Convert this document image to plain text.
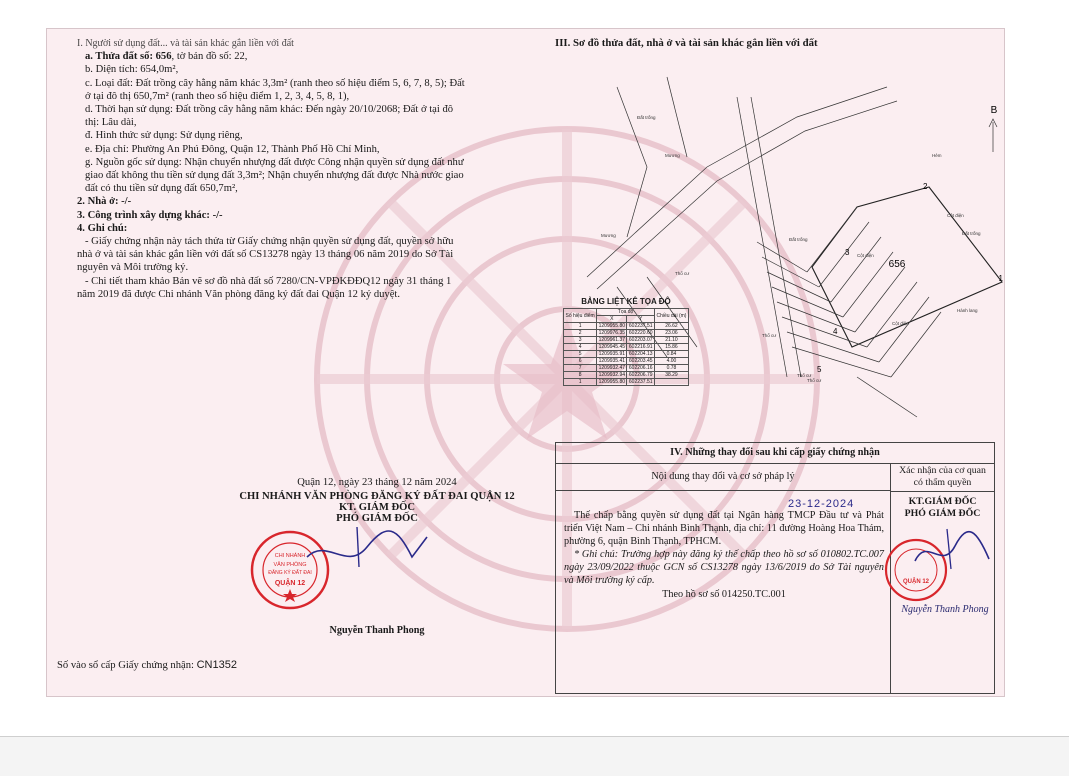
I. Người sử dụng đất... và tài sản khác gắn liền với đất

a. Thửa đất số: 656, tờ bản đồ số: 22,

b. Diện tích: 654,0m²,

c. Loại đất: Đất trồng cây hằng năm khác 3,3m² (ranh theo số hiệu điểm 5, 6, 7, 8, 5); Đất

ở tại đô thị 650,7m² (ranh theo số hiệu điểm 1, 2, 3, 4, 5, 8, 1),

d. Thời hạn sử dụng: Đất trồng cây hằng năm khác: Đến ngày 20/10/2068; Đất ở tại đô

thị: Lâu dài,

đ. Hình thức sử dụng: Sử dụng riêng,

e. Địa chỉ: Phường An Phú Đông, Quận 12, Thành Phố Hồ Chí Minh,

g. Nguồn gốc sử dụng: Nhận chuyển nhượng đất được Công nhận quyền sử dụng đất như

giao đất không thu tiền sử dụng đất 3,3m²; Nhận chuyển nhượng đất được Nhà nước giao

đất có thu tiền sử dụng đất 650,7m²,

2. Nhà ở: -/-

3. Công trình xây dựng khác: -/-

4. Ghi chú:

- Giấy chứng nhận này tách thửa từ Giấy chứng nhận quyền sử dụng đất, quyền sở hữu

nhà ở và tài sản khác gắn liền với đất số CS13278 ngày 13 tháng 06 năm 2019 do Sở Tài

nguyên và Môi trường ký.

- Chi tiết tham khảo Bản vẽ sơ đồ nhà đất số 7280/CN-VPĐKĐĐQ12 ngày 31 tháng 1

năm 2019 đã được Chi nhánh Văn phòng đăng ký đất đai Quận 12 ký duyệt.

Quận 12, ngày 23 tháng 12 năm 2024
CHI NHÁNH VĂN PHÒNG ĐĂNG KÝ ĐẤT ĐAI QUẬN 12
KT. GIÁM ĐỐC
PHÓ GIÁM ĐỐC
Nguyễn Thanh Phong
CHI NHÁNH
VĂN PHÒNG
ĐĂNG KÝ ĐẤT ĐAI
QUẬN 12
Số vào sổ cấp Giấy chứng nhận: CN1352
III. Sơ đồ thửa đất, nhà ở và tài sản khác gắn liền với đất
B
656
1
2
3
4
5
Đất trống
Đất trống
Mương
Mương
Thổ cư
Thổ cư
Thổ cư
Thổ cư
Cột điện
Cột điện
Cột điện
Hành lang
Hẻm
Đất trống
BẢNG LIỆT KÊ TỌA ĐỘ
Số hiệu điểm	Tọa độ		Chiều dài (m)
	X	Y	
1	1209955.80	602237.51	26.62
2	1209976.35	602220.60	23.06
3	1209961.37	602203.07	21.10
4	1209945.45	602216.91	15.86
5	1209935.91	602204.13	0.84
6	1209935.41	602203.45	4.00
7	1209932.47	602206.16	0.78
8	1209932.94	602206.79	38.29
1	1209955.80	602237.51	
IV. Những thay đổi sau khi cấp giấy chứng nhận
Nội dung thay đổi và cơ sở pháp lý
23-12-2024
Thế chấp bằng quyền sử dụng đất tại Ngân hàng TMCP Đầu tư và Phát triển Việt Nam – Chi nhánh Bình Thạnh, địa chỉ: 11 đường Hoàng Hoa Thám, phường 6, quận Bình Thạnh, TPHCM.
* Ghi chú: Trường hợp này đăng ký thế chấp theo hồ sơ số 010802.TC.007 ngày 23/09/2022 thuộc GCN số CS13278 ngày 13/6/2019 do Sở Tài nguyên và Môi trường ký cấp.
Theo hồ sơ số 014250.TC.001
Xác nhận của cơ quan
có thẩm quyền
KT.GIÁM ĐỐC
PHÓ GIÁM ĐỐC
Nguyễn Thanh Phong
QUẬN 12
